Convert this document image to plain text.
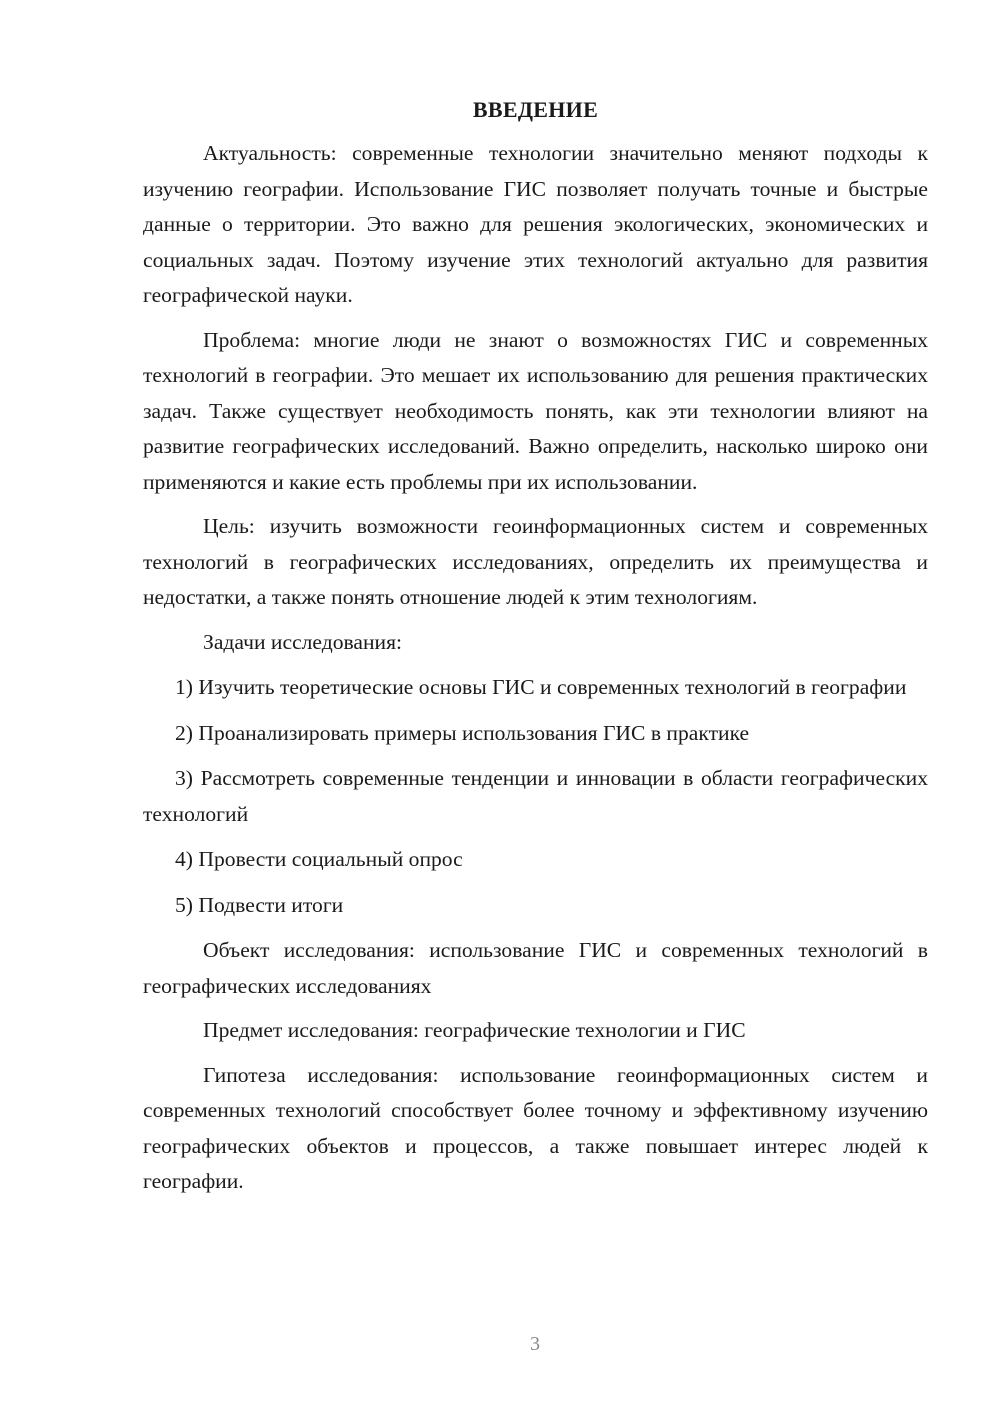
ВВЕДЕНИЕ

Актуальность: современные технологии значительно меняют подходы к изучению географии. Использование ГИС позволяет получать точные и быстрые данные о территории. Это важно для решения экологических, экономических и социальных задач. Поэтому изучение этих технологий актуально для развития географической науки.

Проблема: многие люди не знают о возможностях ГИС и современных технологий в географии. Это мешает их использованию для решения практических задач. Также существует необходимость понять, как эти технологии влияют на развитие географических исследований. Важно определить, насколько широко они применяются и какие есть проблемы при их использовании.

Цель: изучить возможности геоинформационных систем и современных технологий в географических исследованиях, определить их преимущества и недостатки, а также понять отношение людей к этим технологиям.

Задачи исследования:

1) Изучить теоретические основы ГИС и современных технологий в географии

2) Проанализировать примеры использования ГИС в практике

3) Рассмотреть современные тенденции и инновации в области географических технологий

4) Провести социальный опрос

5) Подвести итоги

Объект исследования: использование ГИС и современных технологий в географических исследованиях

Предмет исследования: географические технологии и ГИС

Гипотеза исследования: использование геоинформационных систем и современных технологий способствует более точному и эффективному изучению географических объектов и процессов, а также повышает интерес людей к географии.

3
